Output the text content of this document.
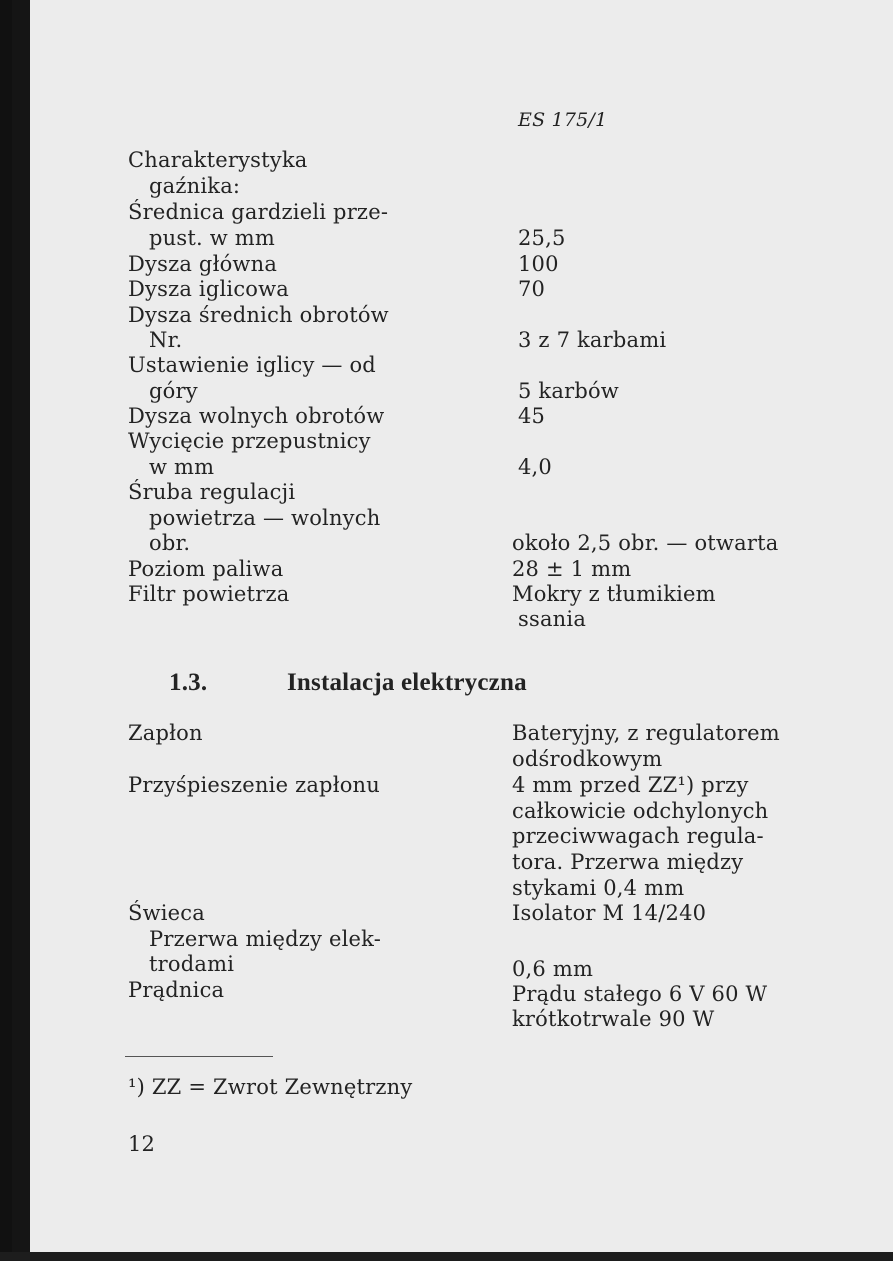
ES 175/1
Charakterystyka
gaźnika:
Średnica gardzieli prze-
pust. w mm	25,5
Dysza główna	100
Dysza iglicowa	70
Dysza średnich obrotów
Nr.	3 z 7 karbami
Ustawienie iglicy — od
góry	5 karbów
Dysza wolnych obrotów	45
Wycięcie przepustnicy
w mm	4,0
Śruba regulacji
powietrza — wolnych
obr.	około 2,5 obr. — otwarta
Poziom paliwa	28 ± 1 mm
Filtr powietrza	Mokry z tłumikiem
ssania
1.3.	Instalacja elektryczna
Zapłon	Bateryjny, z regulatorem
odśrodkowym
Przyśpieszenie zapłonu	4 mm przed ZZ¹) przy
całkowicie odchylonych
przeciwwagach regula-
tora. Przerwa między
stykami 0,4 mm
Świeca	Isolator M 14/240
Przerwa między elek-
trodami	0,6 mm
Prądnica	Prądu stałego 6 V 60 W
krótkotrwale 90 W
¹) ZZ = Zwrot Zewnętrzny
12
